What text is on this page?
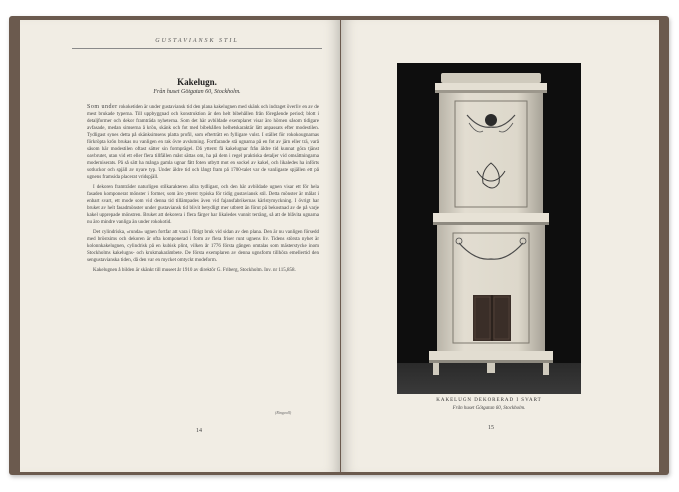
GUSTAVIANSK STIL
Kakelugn.
Från huset Götgatan 60, Stockholm.

Som under rokoketiden är under gustaviansk tid den plana kakelugnen med skänk och indraget överliv en av de mest brukade typerna. Till uppbyggnad och konstruktion är den helt bibehållen från föregående period; blott i detaljformer och dekor framträda nyheterna. Som det här avbildade exemplaret visar äro hörnen såsom tidigare avfasade, medan simserna å krön, skänk och fot med bibehållen helhetskaraktär lätt anpassats efter modestilen. Tydligast synes detta på skänksimsens platta profil, som efterträtt en fylligare vulst. I stället för rokokougnarnas förkröpta krön brukas nu vanligen en rak övre avslutning. Fortfarande stå ugnarna på en fot av järn eller trä, varå såsom här modestilen oftast sätter sin formprägel. Då ytterst få kakelugnar från äldre tid kunnat göra tjänst oavbrutet, utan vid ett eller flera tillfällen måst sättas om, ha på dem i regel praktiska detaljer vid omsättningarna moderniserats. På så sätt ha många gamla ugnar fått foten utbytt mot en sockel av kakel, och likaledes ha införts sotluckor och spjäll av nyare typ. Under äldre tid och långt fram på 1700-talet var de vanligaste spjällen ett på ugnens framsida placerat vridspjäll.

I dekoren framträder naturligen stilkarakteren allra tydligast, och den här avbildade ugnen visar ett för hela fasaden komponerat mönster i former, som äro ytterst typiska för tidig gustaviansk stil. Detta mönster är målat i enbart svart, ett mode som vid denna tid tillämpades även vid fajansfabrikernas kärlstymyckning. I övrigt har bruket av helt fasadmönster under gustaviansk tid blivit betydligt mer utbrett än förut på bekostnad av de på varje kakel upprepade mönstren. Bruket att dekorera i flera färger har likaledes vunnit terräng, så att de blåvita ugnarna nu äro mindre vanliga än under rokokotid.

Det cylindriska, »runda» ugnen fortfar att vara i flitigt bruk vid sidan av den plana. Den är nu vanligen försedd med bröstsims och dekoren är ofta komponerad i form av flera friser runt ugnens liv. Tidens största nyhet är kolonnkakelugnen, cylindrisk på en kubisk plint, vilken år 1776 första gången omtalas som mästerstycke inom Stockholms kakelugns- och krukmakarämbete. De första exemplaren av denna ugnsform tillhöra emellertid den sengustavianska tiden, då den var en mycket omtyckt modeform.

Kakelugnen å bilden är skänkt till museet år 1910 av direktör G. Friberg, Stockholm. Inv. nr 115,858.

(Ringvall)
14
KAKELUGN DEKORERAD I SVART
Från huset Götgatan 60, Stockholm.
15
